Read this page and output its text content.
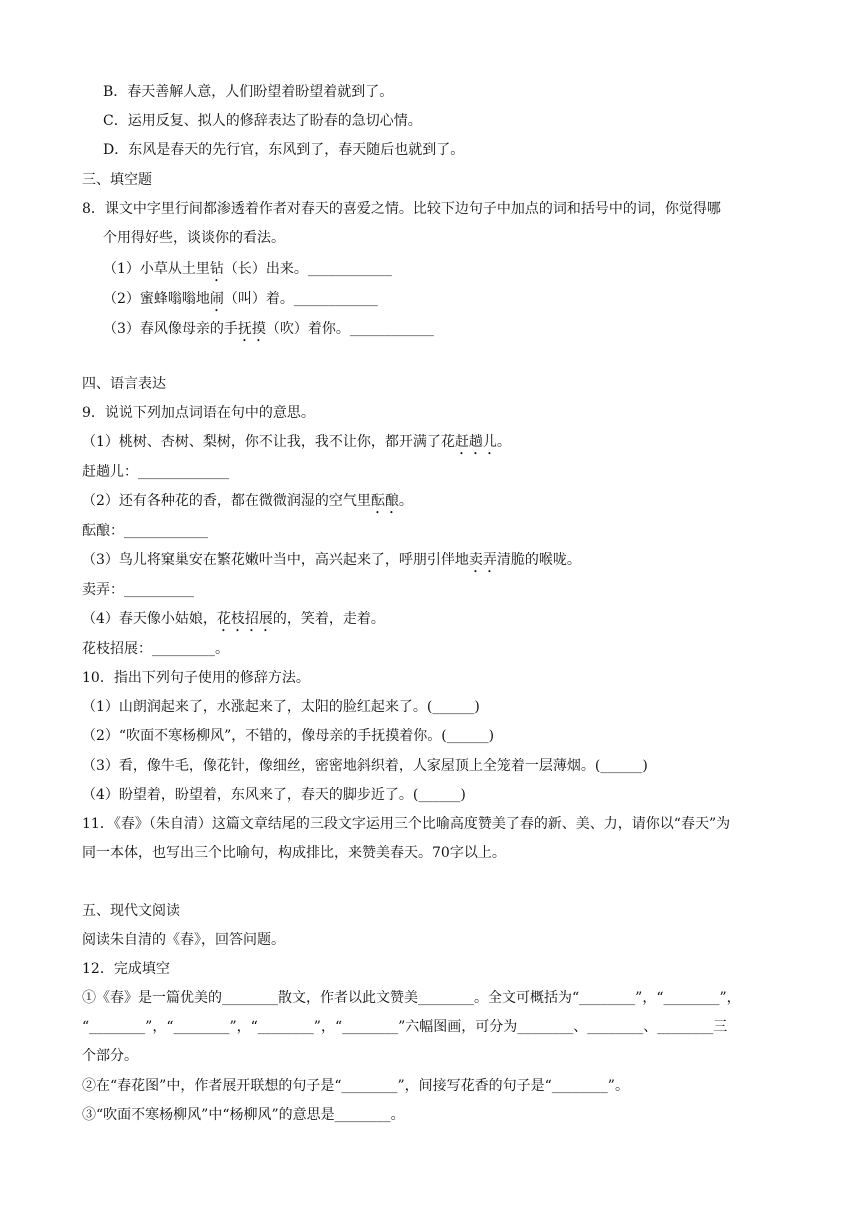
B．春天善解人意，人们盼望着盼望着就到了。
C．运用反复、拟人的修辞表达了盼春的急切心情。
D．东风是春天的先行官，东风到了，春天随后也就到了。
三、填空题
8．课文中字里行间都渗透着作者对春天的喜爱之情。比较下边句子中加点的词和括号中的词，你觉得哪
个用得好些，谈谈你的看法。
（1）小草从土里钻（长）出来。____________
（2）蜜蜂嗡嗡地闹（叫）着。____________
（3）春风像母亲的手抚摸（吹）着你。____________
四、语言表达
9．说说下列加点词语在句中的意思。
（1）桃树、杏树、梨树，你不让我，我不让你，都开满了花赶趟儿。
赶趟儿：_____________
（2）还有各种花的香，都在微微润湿的空气里酝酿。
酝酿：____________
（3）鸟儿将窠巢安在繁花嫩叶当中，高兴起来了，呼朋引伴地卖弄清脆的喉咙。
卖弄：__________
（4）春天像小姑娘，花枝招展的，笑着，走着。
花枝招展：_________。
10．指出下列句子使用的修辞方法。
（1）山朗润起来了，水涨起来了，太阳的脸红起来了。(______)
（2）“吹面不寒杨柳风”，不错的，像母亲的手抚摸着你。(______)
（3）看，像牛毛，像花针，像细丝，密密地斜织着，人家屋顶上全笼着一层薄烟。(______)
（4）盼望着，盼望着，东风来了，春天的脚步近了。(______)
11．《春》（朱自清）这篇文章结尾的三段文字运用三个比喻高度赞美了春的新、美、力，请你以“春天”为
同一本体，也写出三个比喻句，构成排比，来赞美春天。70字以上。
五、现代文阅读
阅读朱自清的《春》，回答问题。
12．完成填空
①《春》是一篇优美的________散文，作者以此文赞美________。全文可概括为“________”，“________”，
“________”，“________”，“________”，“________”六幅图画，可分为________、________、________三
个部分。
②在“春花图”中，作者展开联想的句子是“________”，间接写花香的句子是“________”。
③“吹面不寒杨柳风”中“杨柳风”的意思是________。
